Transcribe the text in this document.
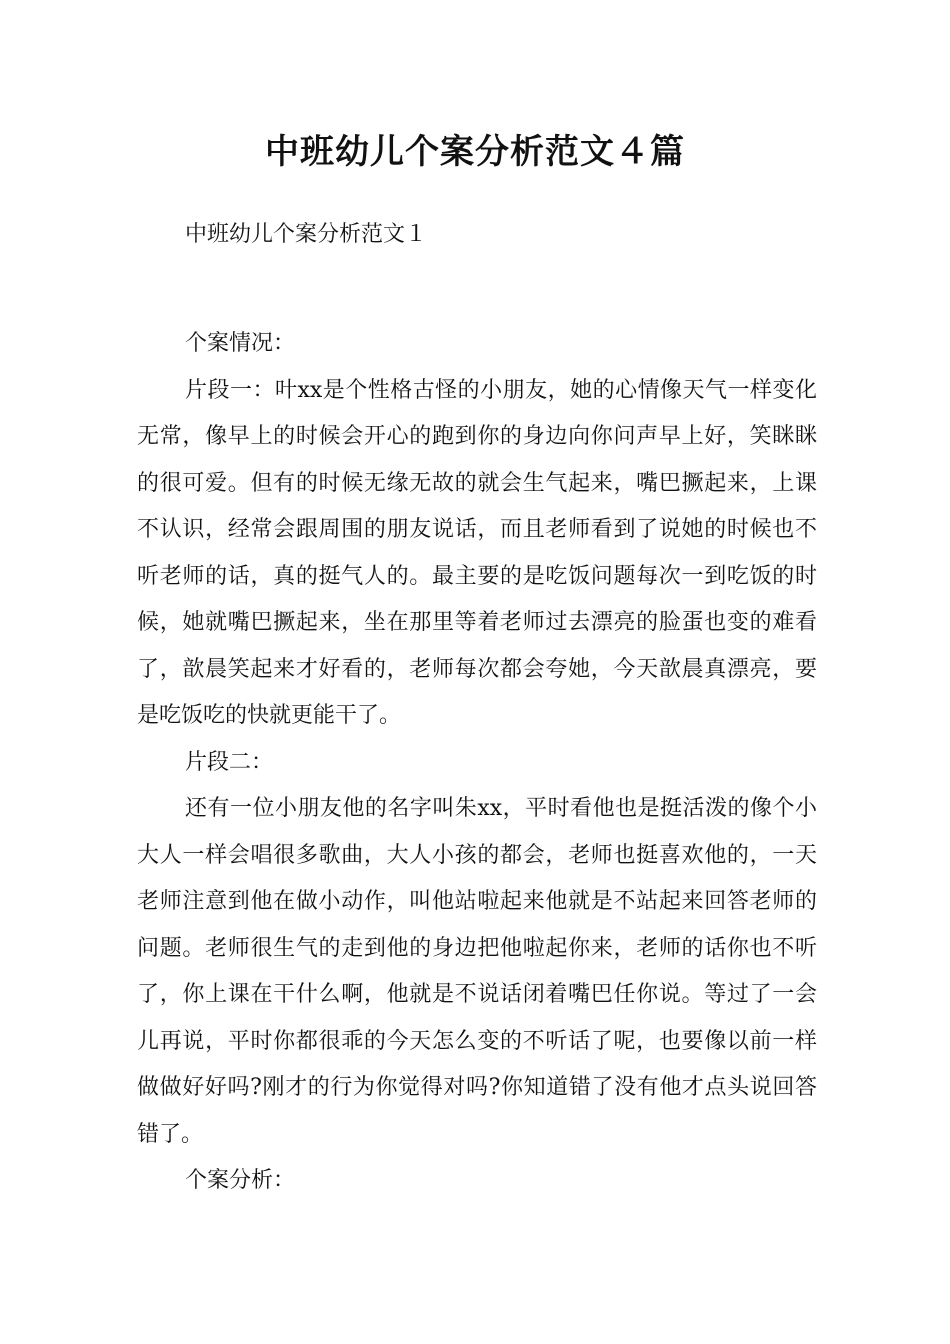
中班幼儿个案分析范文４篇

中班幼儿个案分析范文１

个案情况：

片段一：叶xx是个性格古怪的小朋友，她的心情像天气一样变化无常，像早上的时候会开心的跑到你的身边向你问声早上好，笑眯眯的很可爱。但有的时候无缘无故的就会生气起来，嘴巴撅起来，上课不认识，经常会跟周围的朋友说话，而且老师看到了说她的时候也不听老师的话，真的挺气人的。最主要的是吃饭问题每次一到吃饭的时候，她就嘴巴撅起来，坐在那里等着老师过去漂亮的脸蛋也变的难看了，歆晨笑起来才好看的，老师每次都会夸她，今天歆晨真漂亮，要是吃饭吃的快就更能干了。

片段二：

还有一位小朋友他的名字叫朱xx，平时看他也是挺活泼的像个小大人一样会唱很多歌曲，大人小孩的都会，老师也挺喜欢他的，一天老师注意到他在做小动作，叫他站啦起来他就是不站起来回答老师的问题。老师很生气的走到他的身边把他啦起你来，老师的话你也不听了，你上课在干什么啊，他就是不说话闭着嘴巴任你说。等过了一会儿再说，平时你都很乖的今天怎么变的不听话了呢，也要像以前一样做做好好吗?刚才的行为你觉得对吗?你知道错了没有他才点头说回答错了。

个案分析：
